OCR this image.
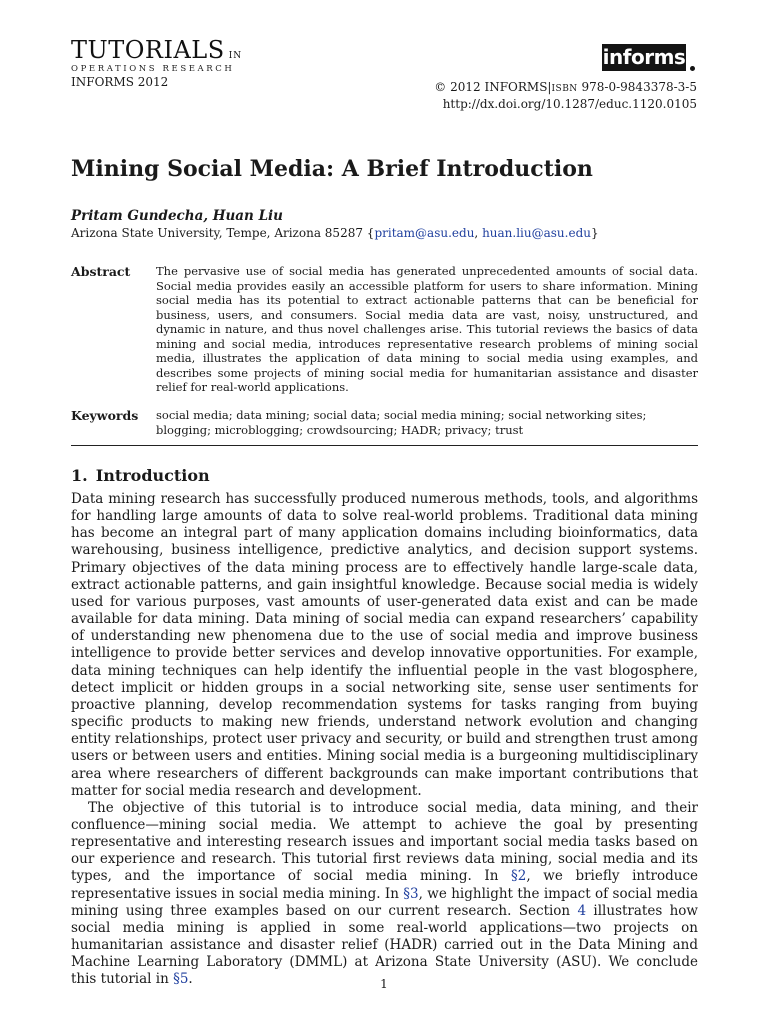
TUTORIALS $^{IN}$
OPERATIONS RESEARCH
INFORMS 2012
informs
© 2012 INFORMS|ISBN 978-0-9843378-3-5
http://dx.doi.org/10.1287/educ.1120.0105
Mining Social Media: A Brief Introduction
Pritam Gundecha, Huan Liu
Arizona State University, Tempe, Arizona 85287 {pritam@asu.edu, huan.liu@asu.edu}
Abstract The pervasive use of social media has generated unprecedented amounts of social data. Social media provides easily an accessible platform for users to share information. Mining social media has its potential to extract actionable patterns that can be beneficial for business, users, and consumers. Social media data are vast, noisy, unstructured, and dynamic in nature, and thus novel challenges arise. This tutorial reviews the basics of data mining and social media, introduces representative research problems of mining social media, illustrates the application of data mining to social media using examples, and describes some projects of mining social media for humanitarian assistance and disaster relief for real-world applications.
Keywords social media; data mining; social data; social media mining; social networking sites; blogging; microblogging; crowdsourcing; HADR; privacy; trust
1. Introduction

Data mining research has successfully produced numerous methods, tools, and algorithms for handling large amounts of data to solve real-world problems. Traditional data mining has become an integral part of many application domains including bioinformatics, data warehousing, business intelligence, predictive analytics, and decision support systems. Primary objectives of the data mining process are to effectively handle large-scale data, extract actionable patterns, and gain insightful knowledge. Because social media is widely used for various purposes, vast amounts of user-generated data exist and can be made available for data mining. Data mining of social media can expand researchers’ capability of understanding new phenomena due to the use of social media and improve business intelligence to provide better services and develop innovative opportunities. For example, data mining techniques can help identify the influential people in the vast blogosphere, detect implicit or hidden groups in a social networking site, sense user sentiments for proactive planning, develop recommendation systems for tasks ranging from buying specific products to making new friends, understand network evolution and changing entity relationships, protect user privacy and security, or build and strengthen trust among users or between users and entities. Mining social media is a burgeoning multidisciplinary area where researchers of different backgrounds can make important contributions that matter for social media research and development.

The objective of this tutorial is to introduce social media, data mining, and their confluence—mining social media. We attempt to achieve the goal by presenting representative and interesting research issues and important social media tasks based on our experience and research. This tutorial first reviews data mining, social media and its types, and the importance of social media mining. In §2, we briefly introduce representative issues in social media mining. In §3, we highlight the impact of social media mining using three examples based on our current research. Section 4 illustrates how social media mining is applied in some real-world applications—two projects on humanitarian assistance and disaster relief (HADR) carried out in the Data Mining and Machine Learning Laboratory (DMML) at Arizona State University (ASU). We conclude this tutorial in §5.	1
